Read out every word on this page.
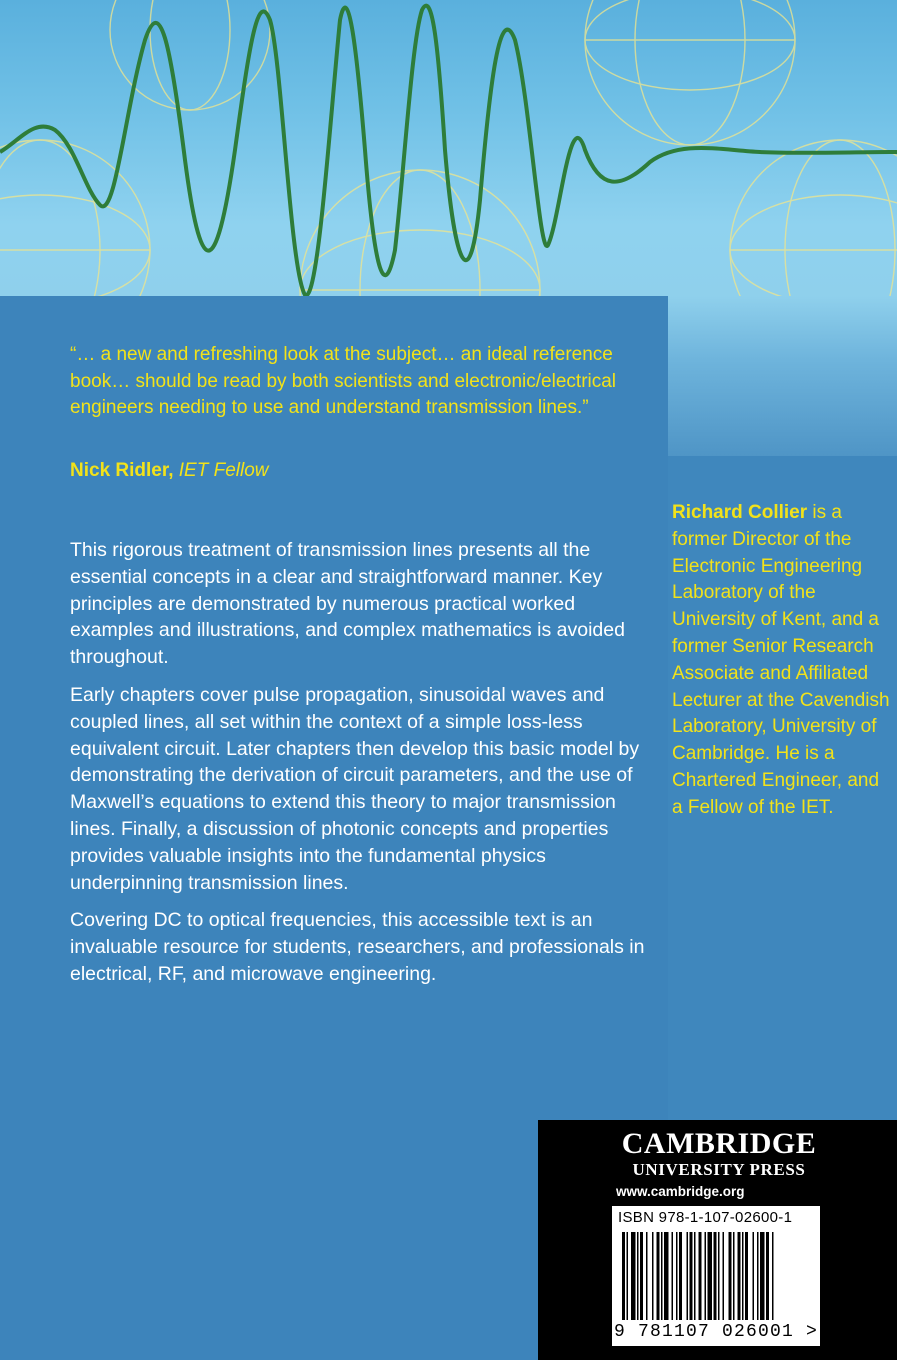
“… a new and refreshing look at the subject… an ideal reference book… should be read by both scientists and electronic/electrical engineers needing to use and understand transmission lines.”
Nick Ridler, IET Fellow

This rigorous treatment of transmission lines presents all the essential concepts in a clear and straightforward manner. Key principles are demonstrated by numerous practical worked examples and illustrations, and complex mathematics is avoided throughout.

Early chapters cover pulse propagation, sinusoidal waves and coupled lines, all set within the context of a simple loss-less equivalent circuit. Later chapters then develop this basic model by demonstrating the derivation of circuit parameters, and the use of Maxwell’s equations to extend this theory to major transmission lines. Finally, a discussion of photonic concepts and properties provides valuable insights into the fundamental physics underpinning transmission lines.

Covering DC to optical frequencies, this accessible text is an invaluable resource for students, researchers, and professionals in electrical, RF, and microwave engineering.

Richard Collier is a former Director of the Electronic Engineering Laboratory of the University of Kent, and a former Senior Research Associate and Affiliated Lecturer at the Cavendish Laboratory, University of Cambridge. He is a Chartered Engineer, and a Fellow of the IET.
CAMBRIDGE
UNIVERSITY PRESS
www.cambridge.org
ISBN 978-1-107-02600-1
9 781107 026001 >
